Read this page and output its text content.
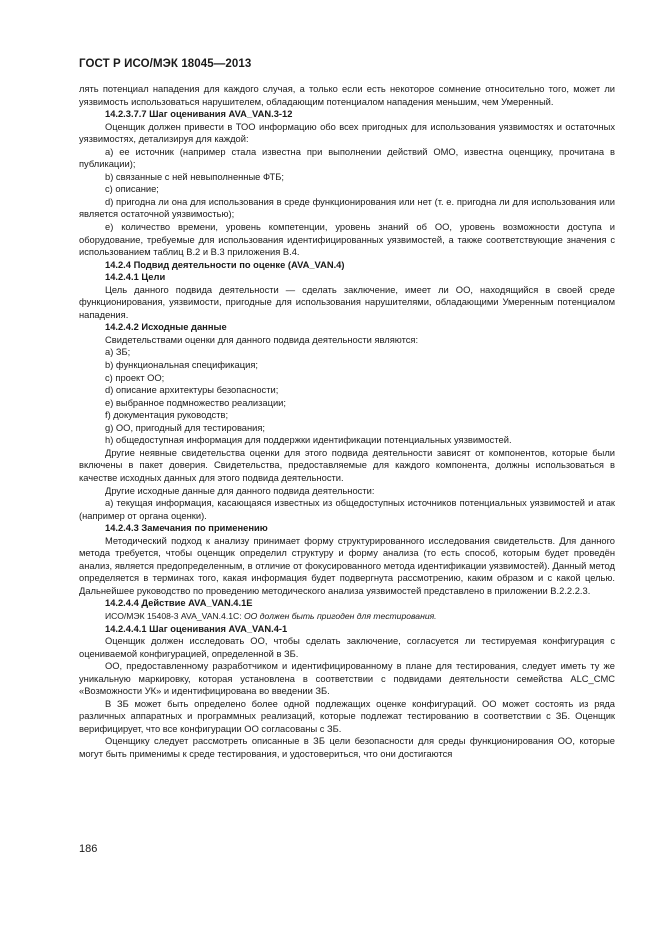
ГОСТ Р ИСО/МЭК 18045—2013

лять потенциал нападения для каждого случая, а только если есть некоторое сомнение относительно того, может ли уязвимость использоваться нарушителем, обладающим потенциалом нападения меньшим, чем Умеренный.

14.2.3.7.7 Шаг оценивания AVA_VAN.3-12

Оценщик должен привести в ТОО информацию обо всех пригодных для использования уязвимостях и остаточных уязвимостях, детализируя для каждой:

a) ее источник (например стала известна при выполнении действий ОМО, известна оценщику, прочитана в публикации);

b) связанные с ней невыполненные ФТБ;

c) описание;

d) пригодна ли она для использования в среде функционирования или нет (т. е. пригодна ли для использования или является остаточной уязвимостью);

e) количество времени, уровень компетенции, уровень знаний об ОО, уровень возможности доступа и оборудование, требуемые для использования идентифицированных уязвимостей, а также соответствующие значения с использованием таблиц В.2 и В.3 приложения В.4.

14.2.4 Подвид деятельности по оценке (AVA_VAN.4)

14.2.4.1 Цели

Цель данного подвида деятельности — сделать заключение, имеет ли ОО, находящийся в своей среде функционирования, уязвимости, пригодные для использования нарушителями, обладающими Умеренным потенциалом нападения.

14.2.4.2 Исходные данные

Свидетельствами оценки для данного подвида деятельности являются:

a) ЗБ;

b) функциональная спецификация;

c) проект ОО;

d) описание архитектуры безопасности;

e) выбранное подмножество реализации;

f) документация руководств;

g) ОО, пригодный для тестирования;

h) общедоступная информация для поддержки идентификации потенциальных уязвимостей.

Другие неявные свидетельства оценки для этого подвида деятельности зависят от компонентов, которые были включены в пакет доверия. Свидетельства, предоставляемые для каждого компонента, должны использоваться в качестве исходных данных для этого подвида деятельности.

Другие исходные данные для данного подвида деятельности:

a) текущая информация, касающаяся известных из общедоступных источников потенциальных уязвимостей и атак (например от органа оценки).

14.2.4.3 Замечания по применению

Методический подход к анализу принимает форму структурированного исследования свидетельств. Для данного метода требуется, чтобы оценщик определил структуру и форму анализа (то есть способ, которым будет проведён анализ, является предопределенным, в отличие от фокусированного метода идентификации уязвимостей). Данный метод определяется в терминах того, какая информация будет подвергнута рассмотрению, каким образом и с какой целью. Дальнейшее руководство по проведению методического анализа уязвимостей представлено в приложении В.2.2.2.3.

14.2.4.4 Действие AVA_VAN.4.1E

ИСО/МЭК 15408-3 AVA_VAN.4.1C: ОО должен быть пригоден для тестирования.

14.2.4.4.1 Шаг оценивания AVA_VAN.4-1

Оценщик должен исследовать ОО, чтобы сделать заключение, согласуется ли тестируемая конфигурация с оцениваемой конфигурацией, определенной в ЗБ.

ОО, предоставленному разработчиком и идентифицированному в плане для тестирования, следует иметь ту же уникальную маркировку, которая установлена в соответствии с подвидами деятельности семейства ALC_CMC «Возможности УК» и идентифицирована во введении ЗБ.

В ЗБ может быть определено более одной подлежащих оценке конфигураций. ОО может состоять из ряда различных аппаратных и программных реализаций, которые подлежат тестированию в соответствии с ЗБ. Оценщик верифицирует, что все конфигурации ОО согласованы с ЗБ.

Оценщику следует рассмотреть описанные в ЗБ цели безопасности для среды функционирования ОО, которые могут быть применимы к среде тестирования, и удостовериться, что они достигаются

186
